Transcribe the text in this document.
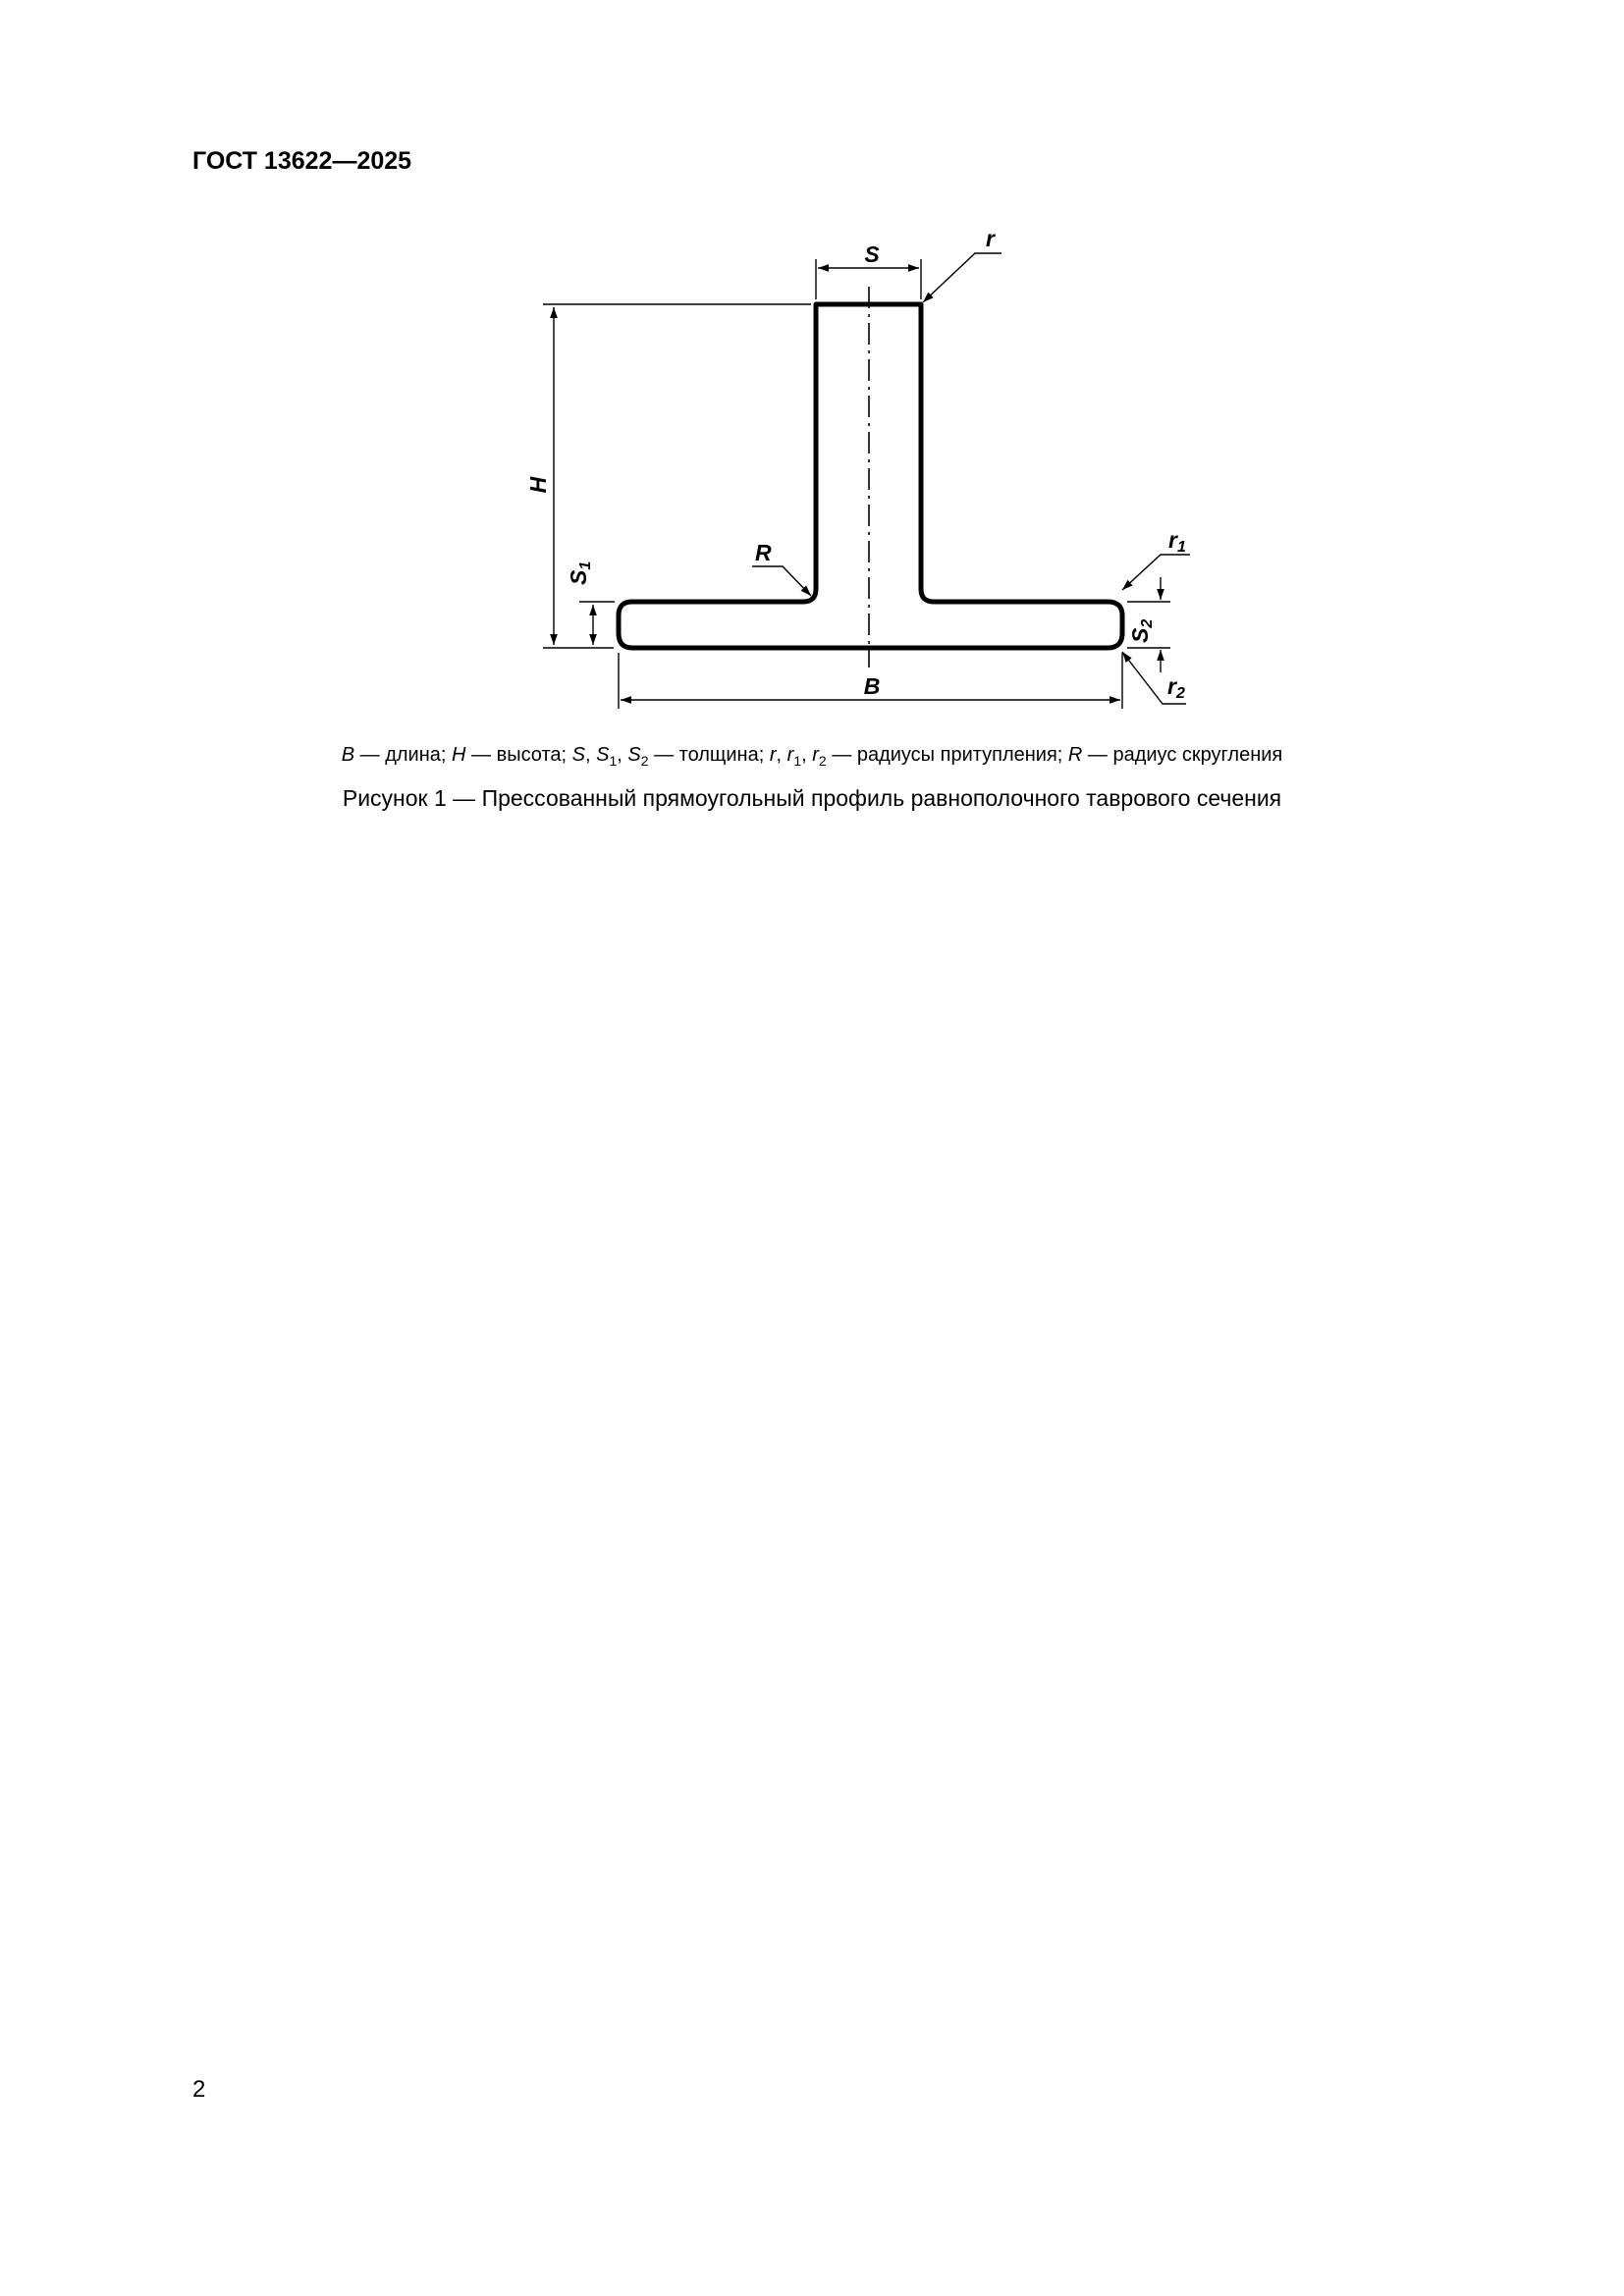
ГОСТ 13622—2025
S
r
H
R
S1
r1
S2
r2
B
B — длина; H — высота; S, $S_1$, $S_2$ — толщина; r, $r_1$, $r_2$ — радиусы притупления; R — радиус скругления
Рисунок 1 — Прессованный прямоугольный профиль равнополочного таврового сечения
2
